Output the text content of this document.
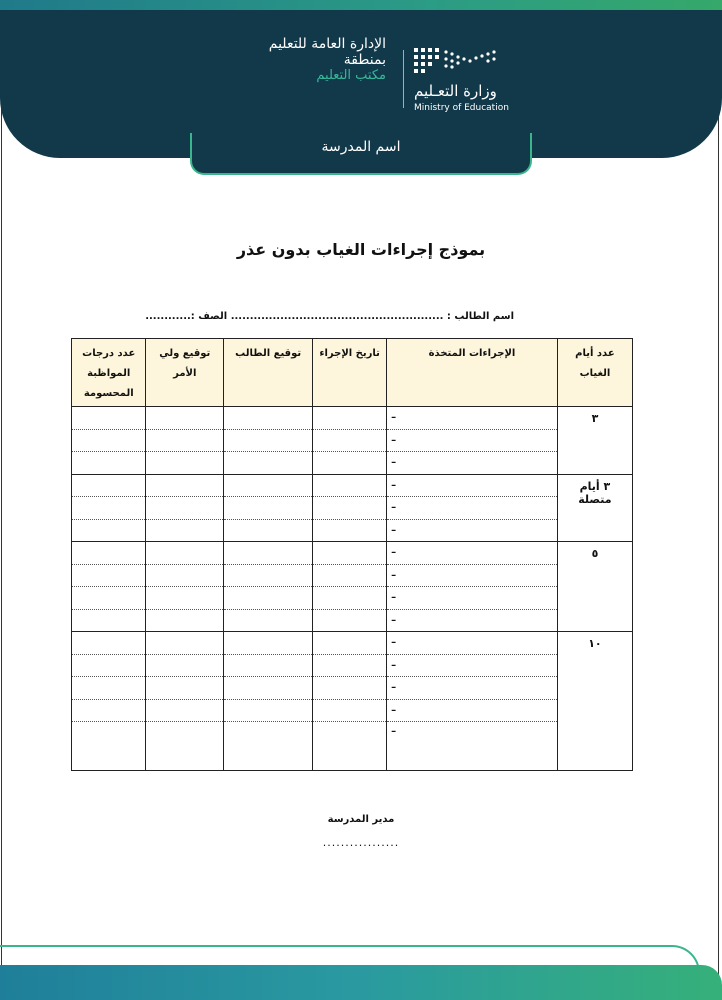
الإدارة العامة للتعليم
بمنطقة
مكتب التعليم
وزارة التعـليم
Ministry of Education
اسم المدرسة
بموذج إجراءات الغياب بدون عذر
اسم الطالب : ........................................................ الصف :............
عدد أيام الغياب	الإجراءات المتخذة	تاريخ الإجراء	توقيع الطالب	توقيع ولي الأمر	عدد درجات المواظبة المحسومة
٣	–				
	–				
	–				
٣ أيام متصلة	–				
	–				
	–				
٥	–				
	–				
	–				
	–				
١٠	–				
	–				
	–				
	–				
	–				
مدير المدرسة
.................
